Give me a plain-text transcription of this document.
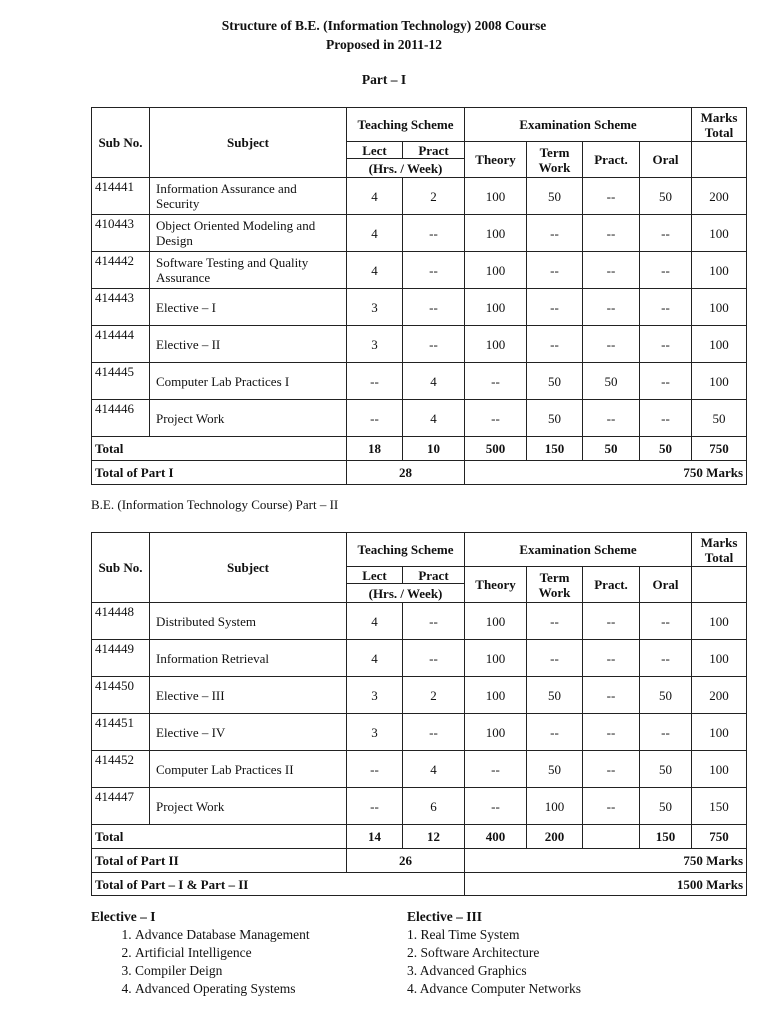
Structure of B.E. (Information Technology) 2008 Course
Proposed in 2011-12
Part – I
Sub No.	Subject	Teaching Scheme		Examination Scheme				Marks Total
		Lect	Pract	Theory	Term Work	Pract.	Oral	
		(Hrs. / Week)						
414441	Information Assurance and Security	4	2	100	50	--	50	200
410443	Object Oriented Modeling and Design	4	--	100	--	--	--	100
414442	Software Testing and Quality Assurance	4	--	100	--	--	--	100
414443	Elective – I	3	--	100	--	--	--	100
414444	Elective – II	3	--	100	--	--	--	100
414445	Computer Lab Practices I	--	4	--	50	50	--	100
414446	Project Work	--	4	--	50	--	--	50
Total		18	10	500	150	50	50	750
Total of Part I		28		750 Marks				
B.E. (Information Technology Course) Part – II
Sub No.	Subject	Teaching Scheme		Examination Scheme				Marks Total
		Lect	Pract	Theory	Term Work	Pract.	Oral	
		(Hrs. / Week)						
414448	Distributed System	4	--	100	--	--	--	100
414449	Information Retrieval	4	--	100	--	--	--	100
414450	Elective – III	3	2	100	50	--	50	200
414451	Elective – IV	3	--	100	--	--	--	100
414452	Computer Lab Practices II	--	4	--	50	--	50	100
414447	Project Work	--	6	--	100	--	50	150
Total		14	12	400	200		150	750
Total of Part II		26		750 Marks				
Total of Part – I & Part – II				1500 Marks				
Elective – I
1. Advance Database Management
2. Artificial Intelligence
3. Compiler Deign
4. Advanced Operating Systems
Elective – III
1. Real Time System
2. Software Architecture
3. Advanced Graphics
4. Advance Computer Networks
